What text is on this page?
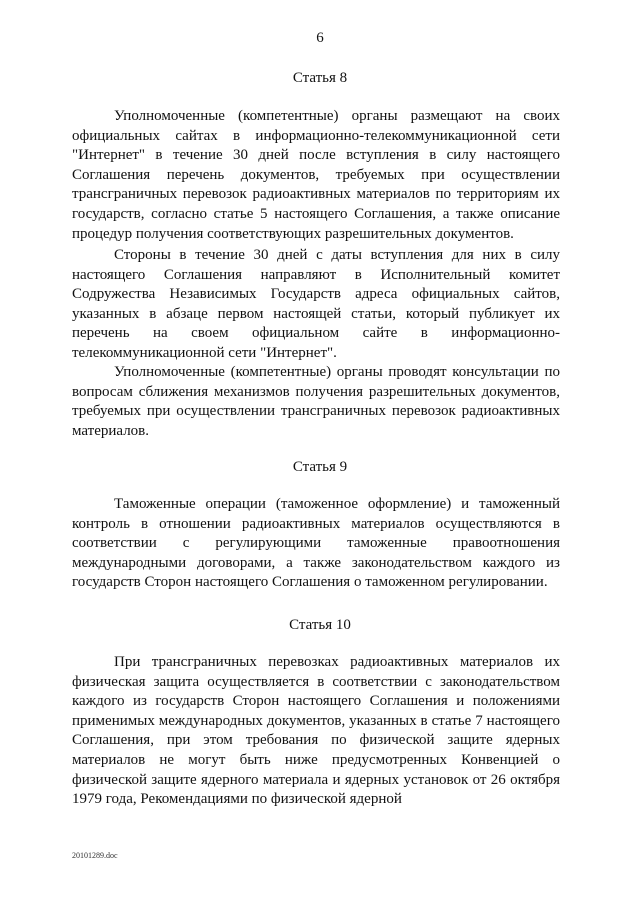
6
Статья 8

Уполномоченные (компетентные) органы размещают на своих официальных сайтах в информационно-телекоммуникационной сети "Интернет" в течение 30 дней после вступления в силу настоящего Соглашения перечень документов, требуемых при осуществлении трансграничных перевозок радиоактивных материалов по территориям их государств, согласно статье 5 настоящего Соглашения, а также описание процедур получения соответствующих разрешительных документов.

Стороны в течение 30 дней с даты вступления для них в силу настоящего Соглашения направляют в Исполнительный комитет Содружества Независимых Государств адреса официальных сайтов, указанных в абзаце первом настоящей статьи, который публикует их перечень на своем официальном сайте в информационно-телекоммуникационной сети "Интернет".

Уполномоченные (компетентные) органы проводят консультации по вопросам сближения механизмов получения разрешительных документов, требуемых при осуществлении трансграничных перевозок радиоактивных материалов.

Статья 9

Таможенные операции (таможенное оформление) и таможенный контроль в отношении радиоактивных материалов осуществляются в соответствии с регулирующими таможенные правоотношения международными договорами, а также законодательством каждого из государств Сторон настоящего Соглашения о таможенном регулировании.

Статья 10

При трансграничных перевозках радиоактивных материалов их физическая защита осуществляется в соответствии с законодательством каждого из государств Сторон настоящего Соглашения и положениями применимых международных документов, указанных в статье 7 настоящего Соглашения, при этом требования по физической защите ядерных материалов не могут быть ниже предусмотренных Конвенцией о физической защите ядерного материала и ядерных установок от 26 октября 1979 года, Рекомендациями по физической ядерной

20101289.doc
